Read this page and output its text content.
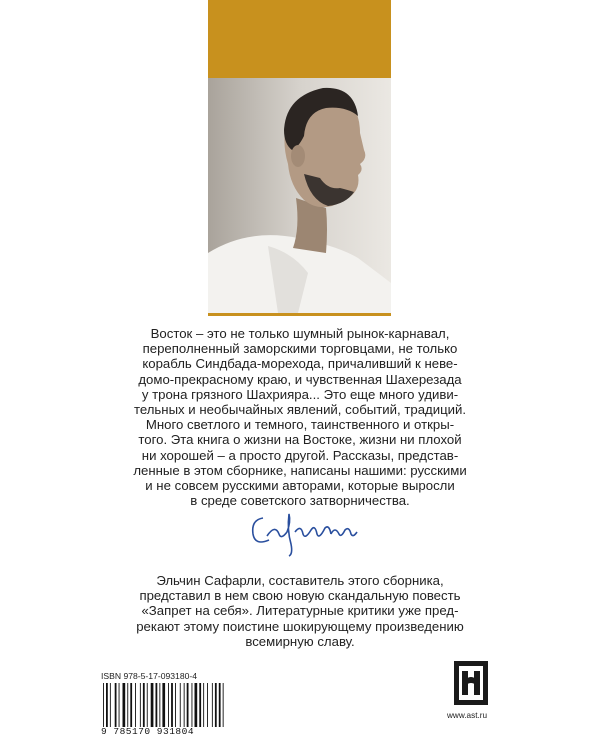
Восток – это не только шумный рынок-карнавал,
переполненный заморскими торговцами, не только
корабль Синдбада-морехода, причаливший к неве-
домо-прекрасному краю, и чувственная Шахерезада
у трона грязного Шахрияра... Это еще много удиви-
тельных и необычайных явлений, событий, традиций.
Много светлого и темного, таинственного и откры-
того. Эта книга о жизни на Востоке, жизни ни плохой
ни хорошей – а просто другой. Рассказы, представ-
ленные в этом сборнике, написаны нашими: русскими
и не совсем русскими авторами, которые выросли
в среде советского затворничества.
Эльчин Сафарли, составитель этого сборника,
представил в нем свою новую скандальную повесть
«Запрет на себя». Литературные критики уже пред-
рекают этому поистине шокирующему произведению
всемирную славу.
ISBN 978-5-17-093180-4
9 785170 931804
www.ast.ru
